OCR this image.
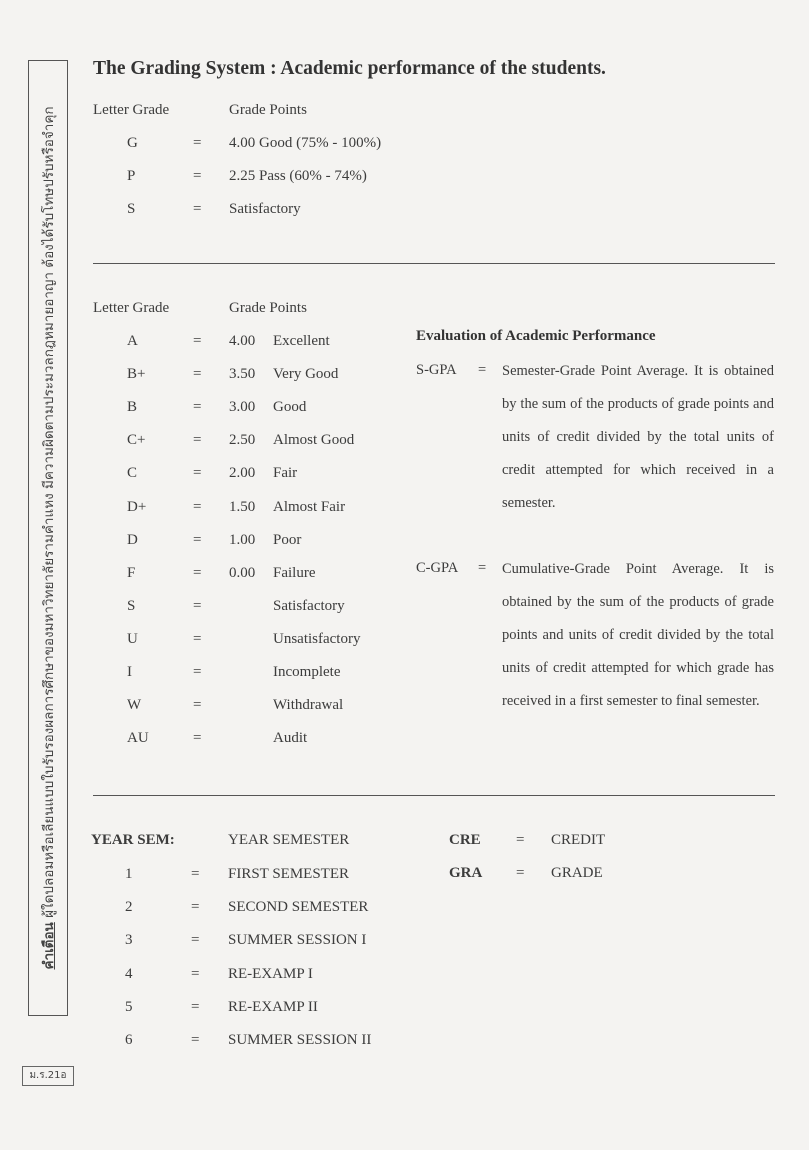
คำเตือน ผู้ใดปลอมหรือเลียนแบบใบรับรองผลการศึกษาของมหาวิทยาลัยรามคำแหง มีความผิดตามประมวลกฎหมายอาญา ต้องได้รับโทษปรับหรือจำคุก
ม.ร.21อ
The Grading System : Academic performance of the students.
Letter Grade	Grade Points
G	= 4.00 Good (75% - 100%)
P	= 2.25 Pass (60% - 74%)
S	= Satisfactory
Letter Grade	Grade Points
A	= 4.00 Excellent
B+	= 3.50 Very Good
B	= 3.00 Good
C+	= 2.50 Almost Good
C	= 2.00 Fair
D+	= 1.50 Almost Fair
D	= 1.00 Poor
F	= 0.00 Failure
S	=	Satisfactory
U	=	Unsatisfactory
I	=	Incomplete
W	=	Withdrawal
AU	=	Audit
Evaluation of Academic Performance
S-GPA = Semester-Grade Point Average. It is obtained by the sum of the products of grade points and units of credit divided by the total units of credit attempted for which received in a semester.
C-GPA = Cumulative-Grade Point Average. It is obtained by the sum of the products of grade points and units of credit divided by the total units of credit attempted for which grade has received in a first semester to final semester.
YEAR SEM:	YEAR SEMESTER
1	= FIRST SEMESTER
2	= SECOND SEMESTER
3	= SUMMER SESSION I
4	= RE-EXAMP I
5	= RE-EXAMP II
6	= SUMMER SESSION II
CRE = CREDIT
GRA = GRADE
